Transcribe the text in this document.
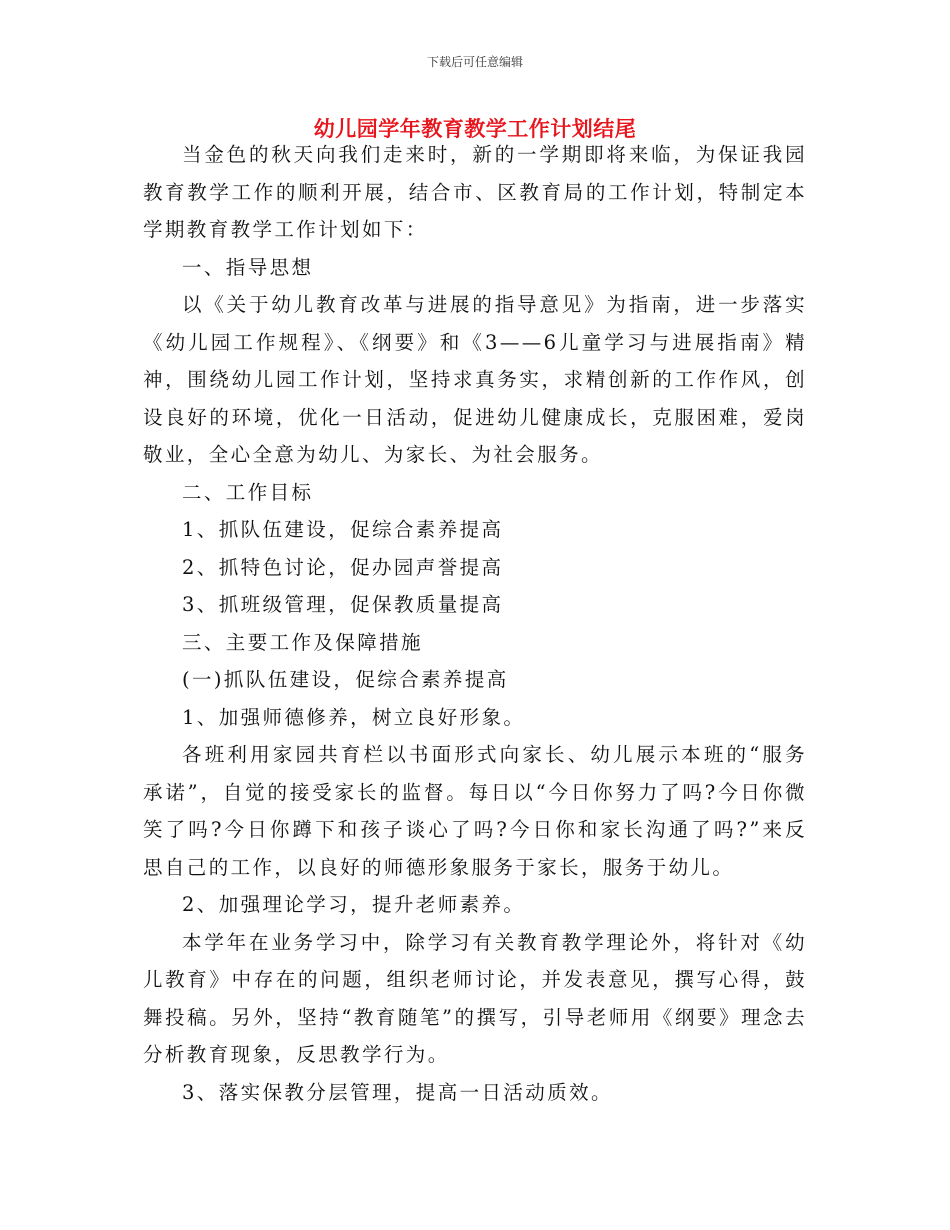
下载后可任意编辑
幼儿园学年教育教学工作计划结尾

当金色的秋天向我们走来时，新的一学期即将来临，为保证我园教育教学工作的顺利开展，结合市、区教育局的工作计划，特制定本学期教育教学工作计划如下：

一、指导思想

以《关于幼儿教育改革与进展的指导意见》为指南，进一步落实《幼儿园工作规程》、《纲要》和《3——6儿童学习与进展指南》精神，围绕幼儿园工作计划，坚持求真务实，求精创新的工作作风，创设良好的环境，优化一日活动，促进幼儿健康成长，克服困难，爱岗敬业，全心全意为幼儿、为家长、为社会服务。

二、工作目标

1、抓队伍建设，促综合素养提高

2、抓特色讨论，促办园声誉提高

3、抓班级管理，促保教质量提高

三、主要工作及保障措施

(一)抓队伍建设，促综合素养提高

1、加强师德修养，树立良好形象。

各班利用家园共育栏以书面形式向家长、幼儿展示本班的“服务承诺”，自觉的接受家长的监督。每日以“今日你努力了吗?今日你微笑了吗?今日你蹲下和孩子谈心了吗?今日你和家长沟通了吗?”来反思自己的工作，以良好的师德形象服务于家长，服务于幼儿。

2、加强理论学习，提升老师素养。

本学年在业务学习中，除学习有关教育教学理论外，将针对《幼儿教育》中存在的问题，组织老师讨论，并发表意见，撰写心得，鼓舞投稿。另外，坚持“教育随笔”的撰写，引导老师用《纲要》理念去分析教育现象，反思教学行为。

3、落实保教分层管理，提高一日活动质效。
